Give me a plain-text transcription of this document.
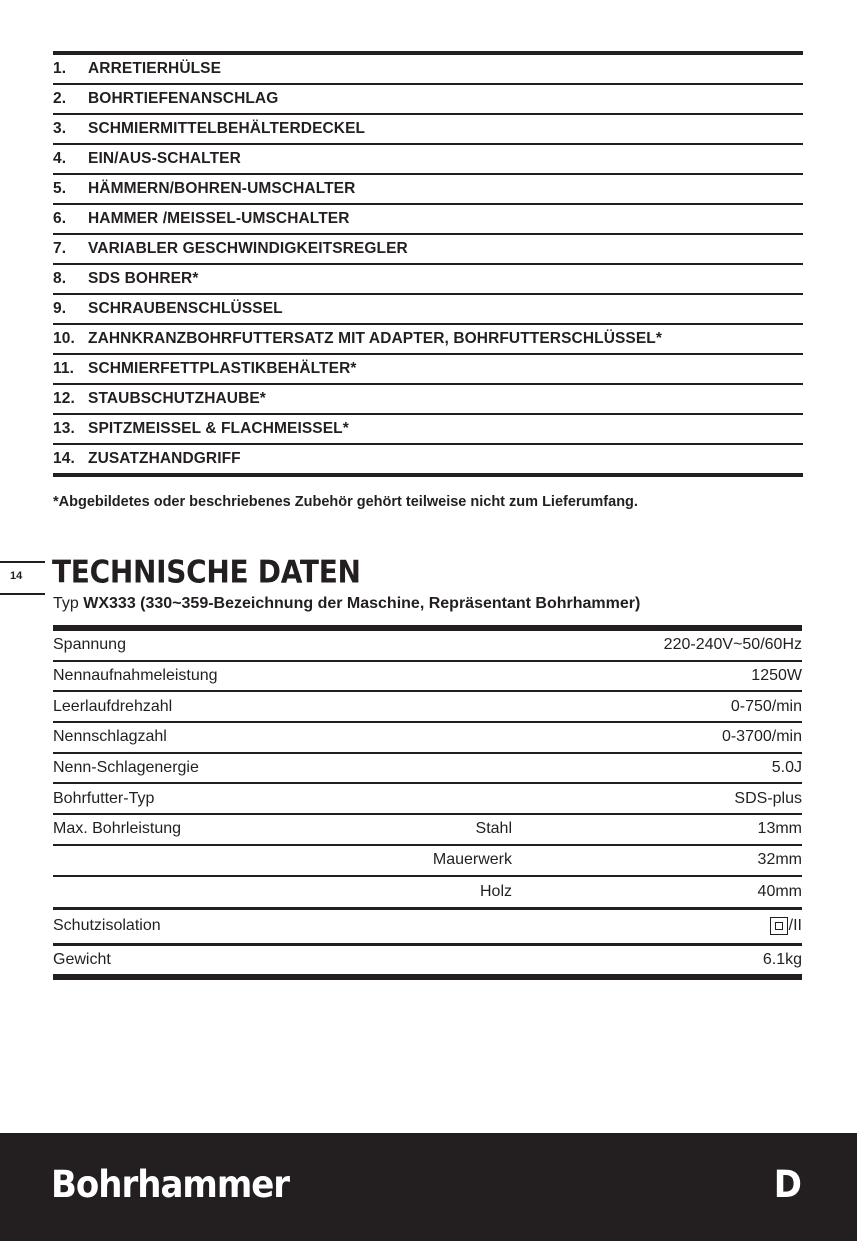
1.	ARRETIERHÜLSE
2.	BOHRTIEFENANSCHLAG
3.	SCHMIERMITTELBEHÄLTERDECKEL
4.	EIN/AUS-SCHALTER
5.	HÄMMERN/BOHREN-UMSCHALTER
6.	HAMMER /MEISSEL-UMSCHALTER
7.	VARIABLER GESCHWINDIGKEITSREGLER
8.	SDS BOHRER*
9.	SCHRAUBENSCHLÜSSEL
10. ZAHNKRANZBOHRFUTTERSATZ MIT ADAPTER, BOHRFUTTERSCHLÜSSEL*
11. SCHMIERFETTPLASTIKBEHÄLTER*
12. STAUBSCHUTZHAUBE*
13. SPITZMEISSEL & FLACHMEISSEL*
14. ZUSATZHANDGRIFF
*Abgebildetes oder beschriebenes Zubehör gehört teilweise nicht zum Lieferumfang.
14 TECHNISCHE DATEN
Typ WX333 (330~359-Bezeichnung der Maschine, Repräsentant Bohrhammer)
Spannung	220-240V~50/60Hz
Nennaufnahmeleistung	1250W
Leerlaufdrehzahl	0-750/min
Nennschlagzahl	0-3700/min
Nenn-Schlagenergie	5.0J
Bohrfutter-Typ	SDS-plus
Max. Bohrleistung	Stahl	13mm
Mauerwerk	32mm
Holz	40mm
Schutzisolation	/II
Gewicht	6.1kg
Bohrhammer	D
